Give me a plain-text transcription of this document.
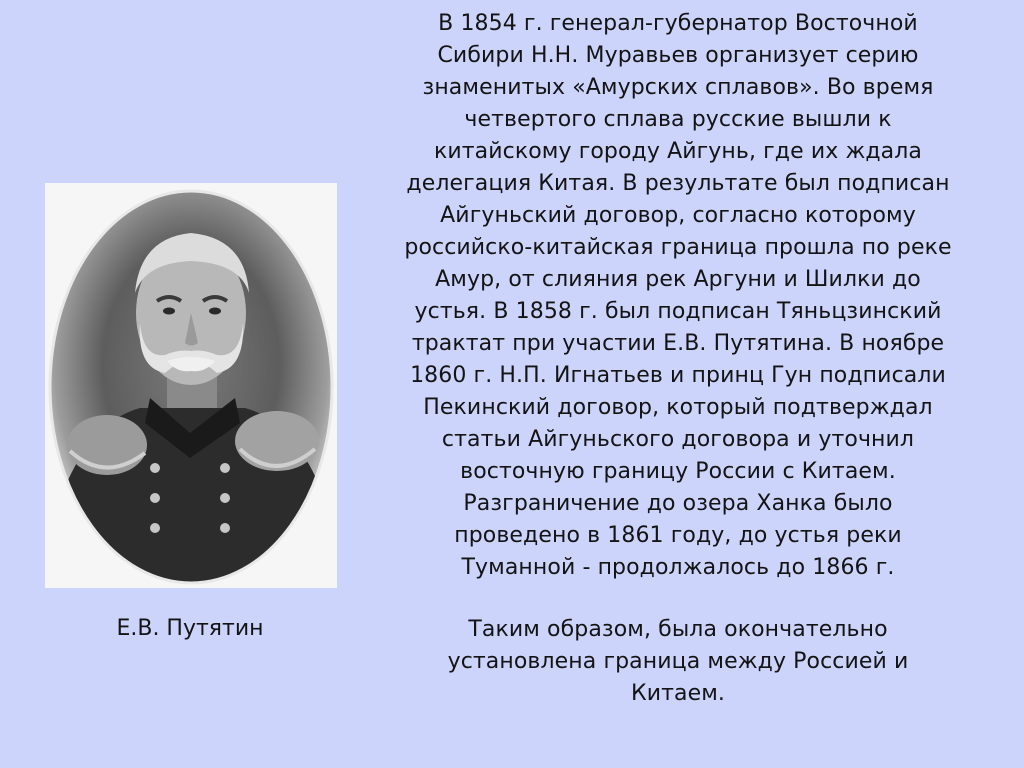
Е.В. Путятин

В 1854 г. генерал-губернатор Восточной Сибири Н.Н. Муравьев организует серию знаменитых «Амурских сплавов». Во время четвертого сплава русские вышли к китайскому городу Айгунь, где их ждала делегация Китая. В результате был подписан Айгуньский договор, согласно которому российско-китайская граница прошла по реке Амур, от слияния рек Аргуни и Шилки до устья. В 1858 г. был подписан Тяньцзинский трактат при участии Е.В. Путятина. В ноябре 1860 г. Н.П. Игнатьев и принц Гун подписали Пекинский договор, который подтверждал статьи Айгуньского договора и уточнил восточную границу России с Китаем. Разграничение до озера Ханка было проведено в 1861 году, до устья реки Туманной - продолжалось до 1866 г.

Таким образом, была окончательно установлена граница между Россией и Китаем.
